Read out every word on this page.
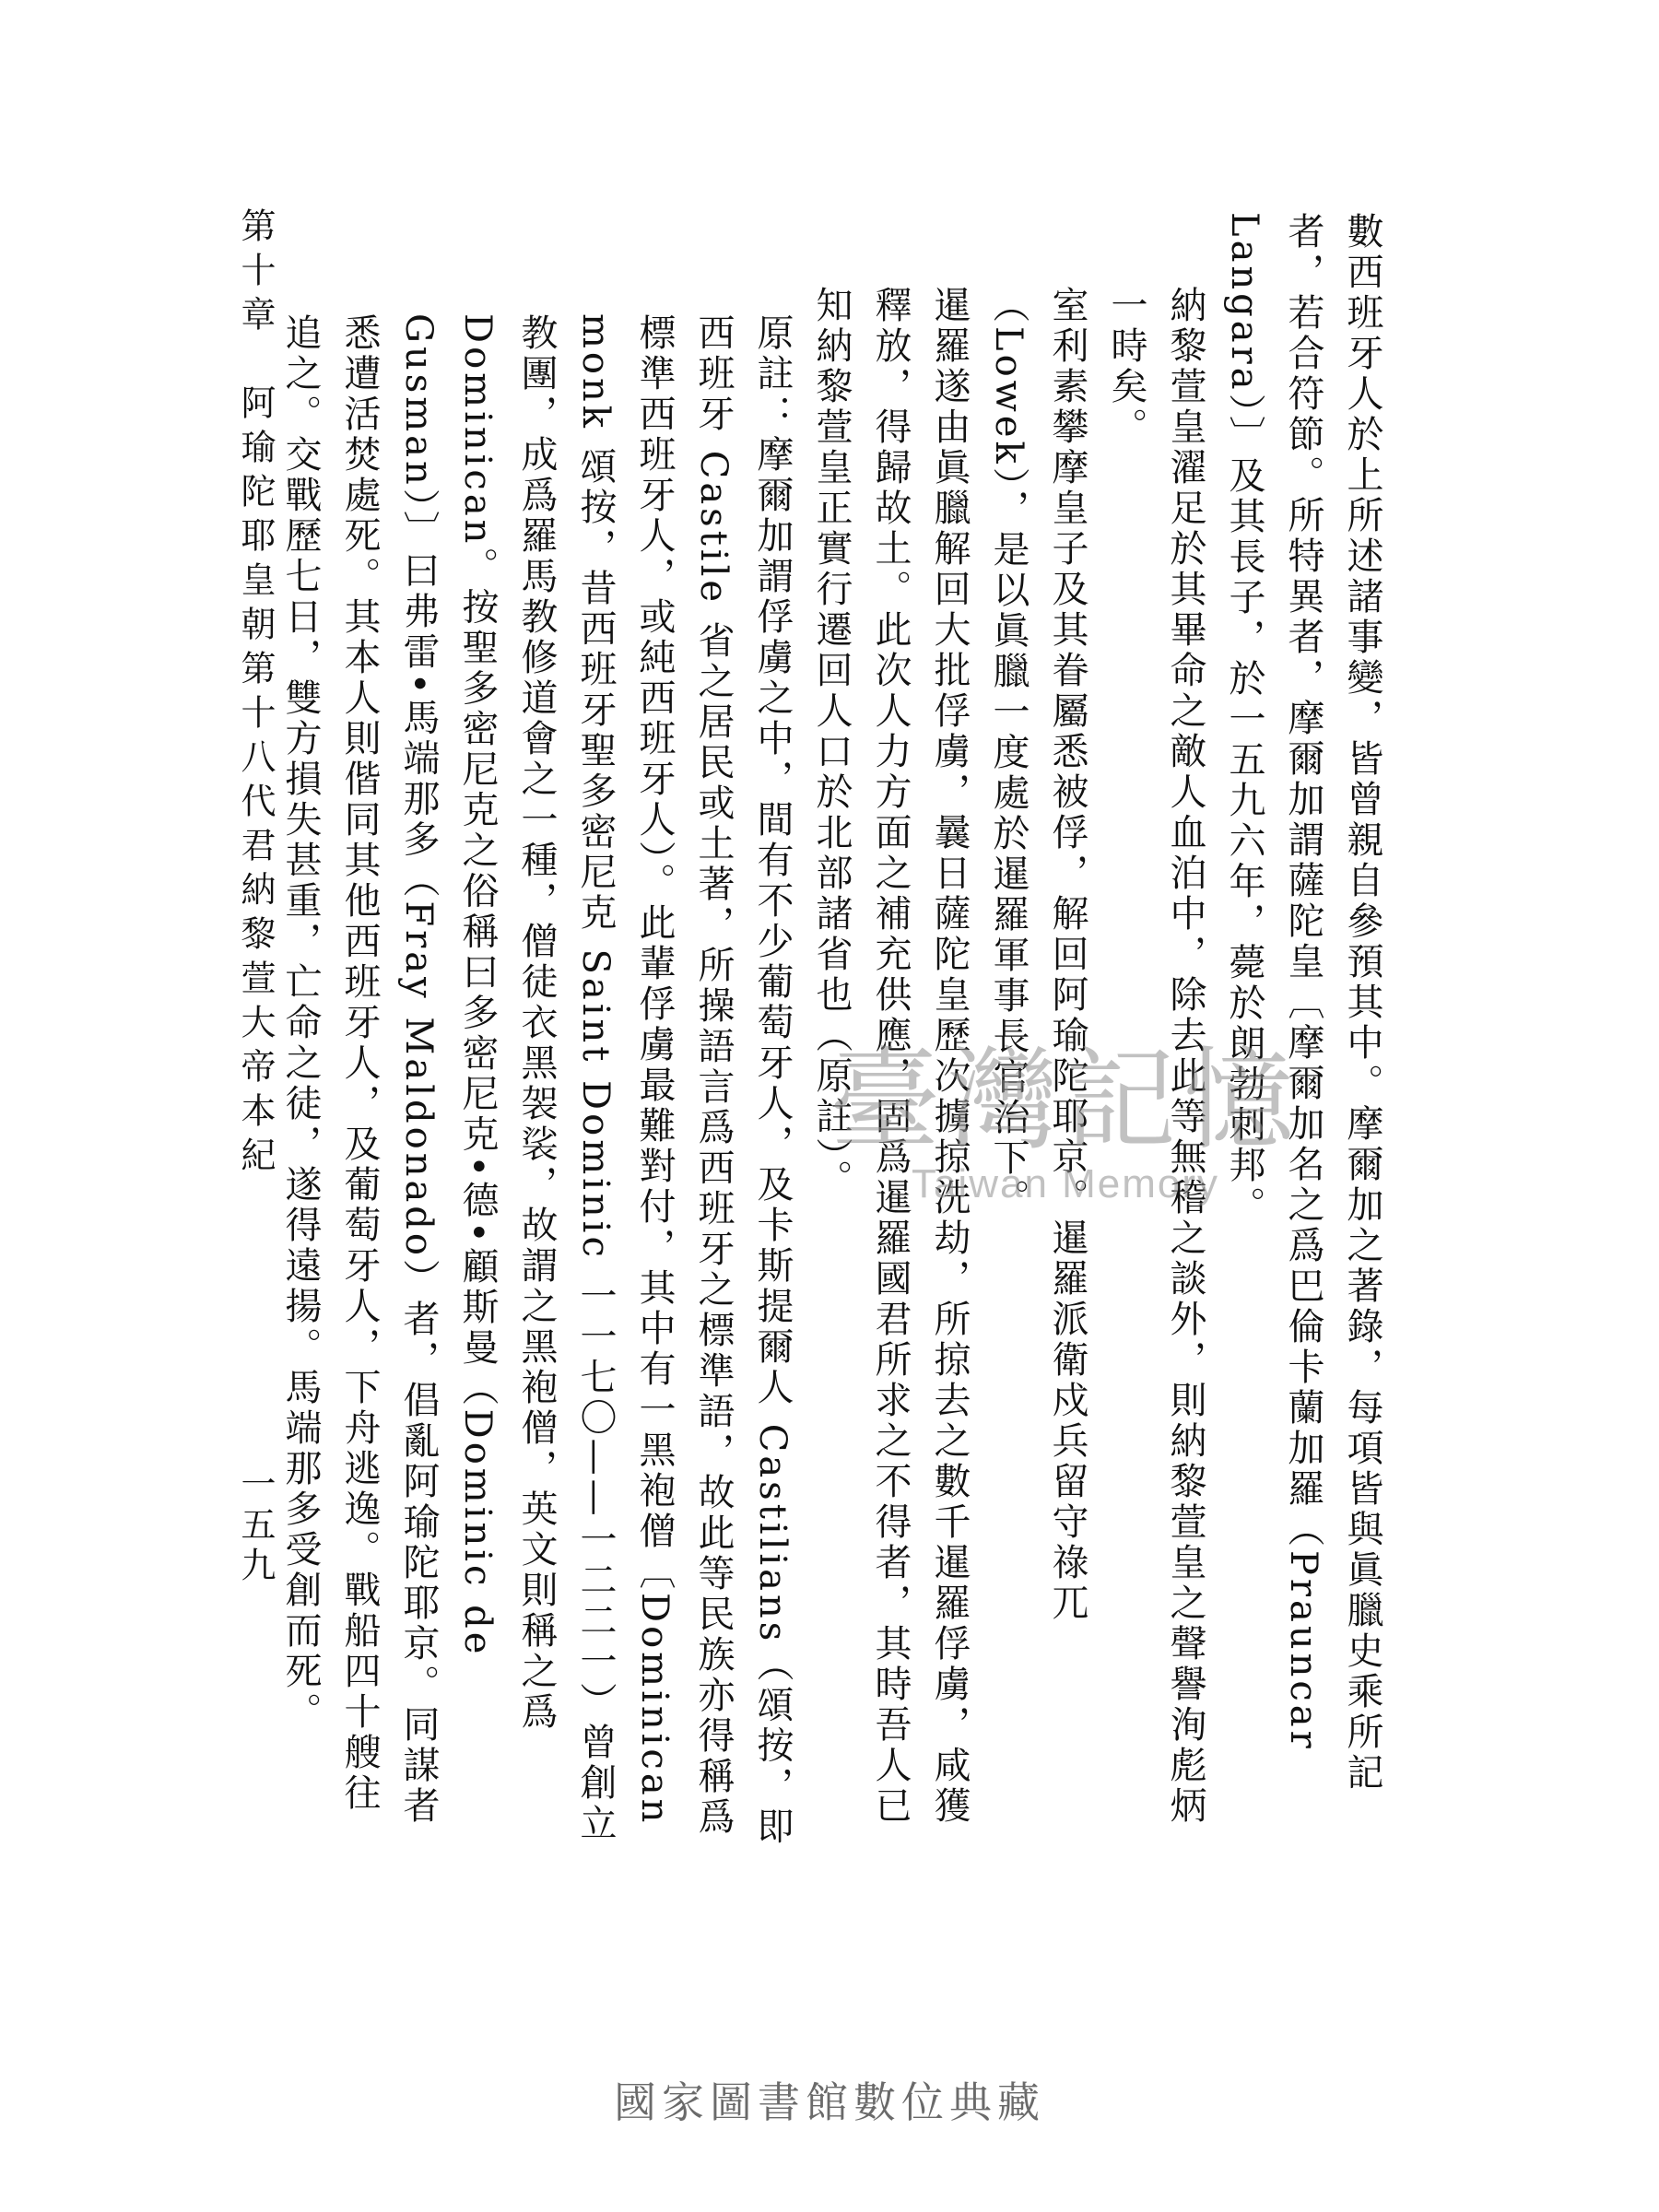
數西班牙人於上所述諸事變，皆曾親自參預其中。摩爾加之著錄，每項皆與眞臘史乘所記者，若合符節。所特異者，摩爾加謂薩陀皇〔摩爾加名之爲巴倫卡蘭加羅（Prauncar Langara）〕及其長子，於一五九六年，薨於朗勃刺邦。
納黎萱皇濯足於其畢命之敵人血泊中，除去此等無稽之談外，則納黎萱皇之聲譽洵彪炳一時矣。
室利素攀摩皇子及其眷屬悉被俘，解回阿瑜陀耶京。暹羅派衛戍兵留守祿兀（Lowek），是以眞臘一度處於暹羅軍事長官治下。
暹羅遂由眞臘解回大批俘虜，曩日薩陀皇歷次擄掠洗劫，所掠去之數千暹羅俘虜，咸獲釋放，得歸故土。此次人力方面之補充供應，固爲暹羅國君所求之不得者，其時吾人已知納黎萱皇正實行遷回人口於北部諸省也（原註）。
原註：摩爾加謂俘虜之中，間有不少葡萄牙人，及卡斯提爾人 Castilians（頌按，即西班牙 Castile 省之居民或土著，所操語言爲西班牙之標準語，故此等民族亦得稱爲標準西班牙人，或純西班牙人）。此輩俘虜最難對付，其中有一黑袍僧〔Dominican monk 頌按，昔西班牙聖多密尼克 Saint Dominic 一一七〇——一二二一）曾創立教團，成爲羅馬教修道會之一種，僧徒衣黑袈裟，故謂之黑袍僧，英文則稱之爲 Dominican。按聖多密尼克之俗稱曰多密尼克•德•顧斯曼（Dominic de Gusman）〕曰弗雷•馬端那多（Fray Maldonado）者，倡亂阿瑜陀耶京。同謀者悉遭活焚處死。其本人則偕同其他西班牙人，及葡萄牙人，下舟逃逸。戰船四十艘往追之。交戰歷七日，雙方損失甚重，亡命之徒，遂得遠揚。馬端那多受創而死。
第十章　阿瑜陀耶皇朝第十八代君納黎萱大帝本紀
一五九
臺灣記憶
Taiwan Memory
國家圖書館數位典藏
